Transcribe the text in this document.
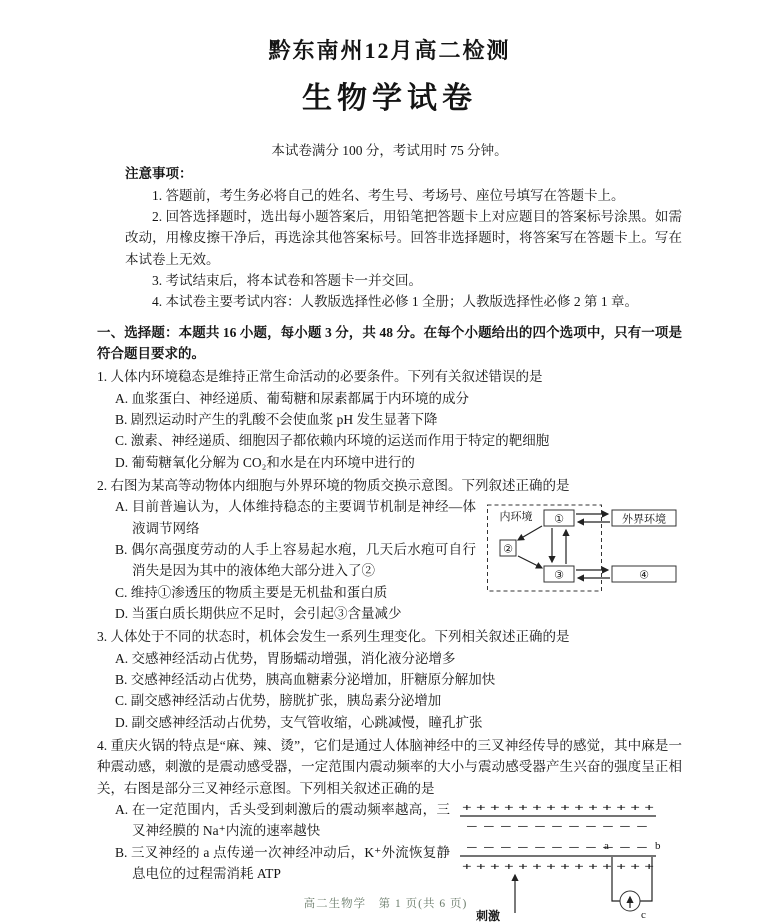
黔东南州12月高二检测
生物学试卷

本试卷满分 100 分，考试用时 75 分钟。

注意事项：

1. 答题前，考生务必将自己的姓名、考生号、考场号、座位号填写在答题卡上。

2. 回答选择题时，选出每小题答案后，用铅笔把答题卡上对应题目的答案标号涂黑。如需改动，用橡皮擦干净后，再选涂其他答案标号。回答非选择题时，将答案写在答题卡上。写在本试卷上无效。

3. 考试结束后，将本试卷和答题卡一并交回。

4. 本试卷主要考试内容：人教版选择性必修 1 全册；人教版选择性必修 2 第 1 章。

一、选择题：本题共 16 小题，每小题 3 分，共 48 分。在每个小题给出的四个选项中，只有一项是符合题目要求的。

1. 人体内环境稳态是维持正常生命活动的必要条件。下列有关叙述错误的是

A. 血浆蛋白、神经递质、葡萄糖和尿素都属于内环境的成分

B. 剧烈运动时产生的乳酸不会使血浆 pH 发生显著下降

C. 激素、神经递质、细胞因子都依赖内环境的运送而作用于特定的靶细胞

D. 葡萄糖氧化分解为 CO₂和水是在内环境中进行的

2. 右图为某高等动物体内细胞与外界环境的物质交换示意图。下列叙述正确的是

内环境 ①
②
③
外界环境
④

A. 目前普遍认为，人体维持稳态的主要调节机制是神经—体液调节网络

B. 偶尔高强度劳动的人手上容易起水疱，几天后水疱可自行消失是因为其中的液体绝大部分进入了②

C. 维持①渗透压的物质主要是无机盐和蛋白质

D. 当蛋白质长期供应不足时，会引起③含量减少

3. 人体处于不同的状态时，机体会发生一系列生理变化。下列相关叙述正确的是

A. 交感神经活动占优势，胃肠蠕动增强，消化液分泌增多

B. 交感神经活动占优势，胰高血糖素分泌增加，肝糖原分解加快

C. 副交感神经活动占优势，膀胱扩张，胰岛素分泌增加

D. 副交感神经活动占优势，支气管收缩，心跳减慢，瞳孔扩张

4. 重庆火锅的特点是“麻、辣、烫”，它们是通过人体脑神经中的三叉神经传导的感觉，其中麻是一种震动感，刺激的是震动感受器，一定范围内震动频率的大小与震动感受器产生兴奋的强度呈正相关，右图是部分三叉神经示意图。下列相关叙述正确的是

+ + + + + + + + + + + + + +
− − − − − − − − − − −
− − − − − − − − − − −
+ + + + + + + + + + + + + +
a	b
c
刺激

A. 在一定范围内，舌头受到刺激后的震动频率越高，三叉神经膜的 Na⁺内流的速率越快

B. 三叉神经的 a 点传递一次神经冲动后，K⁺外流恢复静息电位的过程需消耗 ATP

高二生物学　第 1 页(共 6 页)
